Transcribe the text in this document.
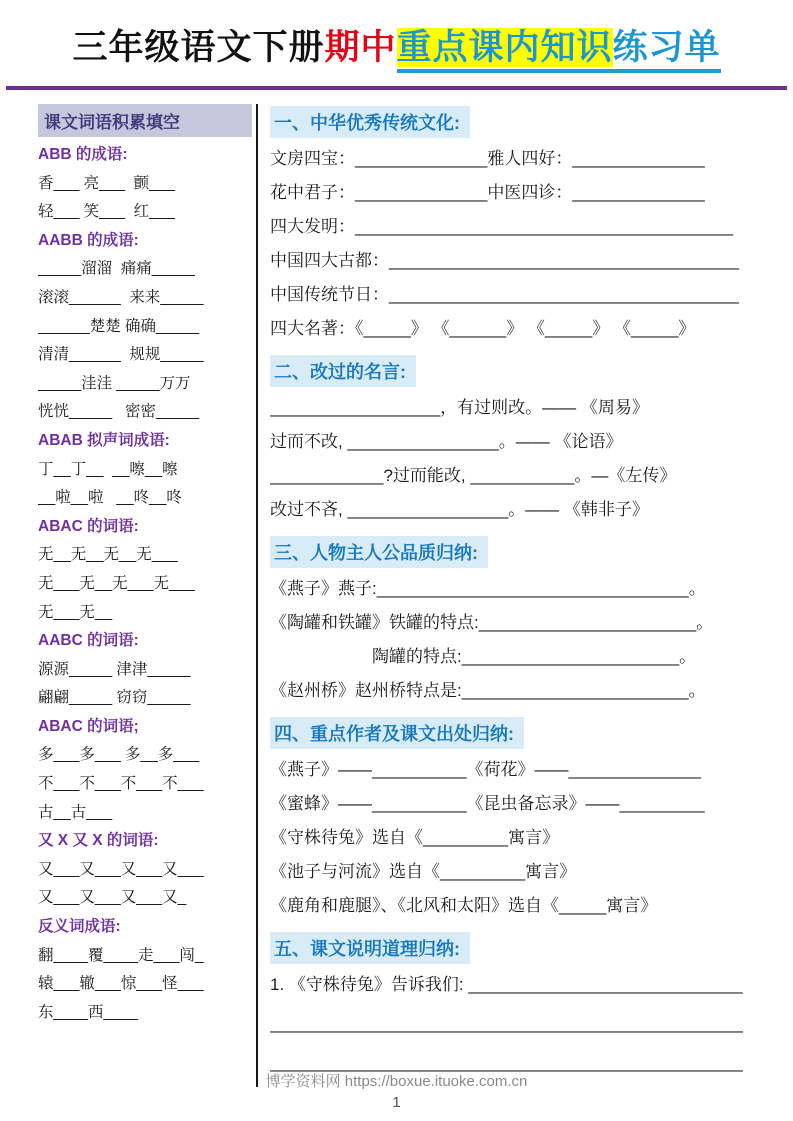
三年级语文下册期中重点课内知识练习单
课文词语积累填空
ABB 的成语:
香___ 亮___  颤___
轻___ 笑___  红___
AABB 的成语:
_____溜溜  痛痛_____
滚滚______  来来_____
______楚楚 确确_____
清清______  规规_____
_____洼洼 _____万万
恍恍_____   密密_____
ABAB 拟声词成语:
丁__丁__  __嚓__嚓
__啦__啦   __咚__咚
ABAC 的词语:
无__无__无__无___
无___无__无___无___
无___无__
AABC 的词语:
源源_____ 津津_____
翩翩_____ 窃窃_____
ABAC 的词语;
多___多___ 多__多___
不___不___不___不___
古__古___
又 X 又 X 的词语:
又___又___又___又___
又___又___又___又_
反义词成语:
翻____覆____走___闯_
辕___辙___惊___怪___
东____西____
一、中华优秀传统文化:
文房四宝：______________雅人四好：______________
花中君子：______________中医四诊：______________
四大发明：________________________________________
中国四大古都：_____________________________________
中国传统节日：_____________________________________
四大名著：《_____》 《______》 《_____》 《_____》
二、改过的名言:
__________________，有过则改。—— 《周易》
过而不改, ________________。—— 《论语》
____________?过而能改, ___________。—《左传》
改过不吝, _________________。—— 《韩非子》
三、人物主人公品质归纳:
《燕子》燕子:_________________________________。
《陶罐和铁罐》铁罐的特点:_______________________。
陶罐的特点:_______________________。
《赵州桥》赵州桥特点是:________________________。
四、重点作者及课文出处归纳:
《燕子》——__________《荷花》——______________
《蜜蜂》——__________《昆虫备忘录》——_________
《守株待兔》选自《_________寓言》
《池子与河流》选自《_________寓言》
《鹿角和鹿腿》、《北风和太阳》选自《_____寓言》
五、课文说明道理归纳:
1. 《守株待兔》告诉我们: _____________________________
__________________________________________________
__________________________________________________
博学资料网 https://boxue.ituoke.com.cn
1
